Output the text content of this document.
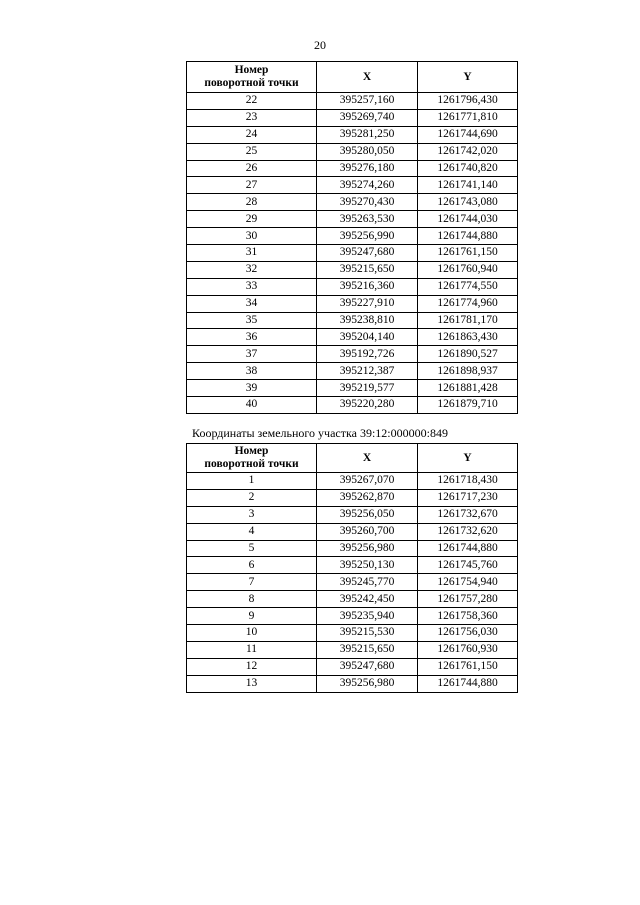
20
Номер
поворотной точки	X	Y
22	395257,160	1261796,430
23	395269,740	1261771,810
24	395281,250	1261744,690
25	395280,050	1261742,020
26	395276,180	1261740,820
27	395274,260	1261741,140
28	395270,430	1261743,080
29	395263,530	1261744,030
30	395256,990	1261744,880
31	395247,680	1261761,150
32	395215,650	1261760,940
33	395216,360	1261774,550
34	395227,910	1261774,960
35	395238,810	1261781,170
36	395204,140	1261863,430
37	395192,726	1261890,527
38	395212,387	1261898,937
39	395219,577	1261881,428
40	395220,280	1261879,710
Координаты земельного участка 39:12:000000:849
Номер
поворотной точки	X	Y
1	395267,070	1261718,430
2	395262,870	1261717,230
3	395256,050	1261732,670
4	395260,700	1261732,620
5	395256,980	1261744,880
6	395250,130	1261745,760
7	395245,770	1261754,940
8	395242,450	1261757,280
9	395235,940	1261758,360
10	395215,530	1261756,030
11	395215,650	1261760,930
12	395247,680	1261761,150
13	395256,980	1261744,880
